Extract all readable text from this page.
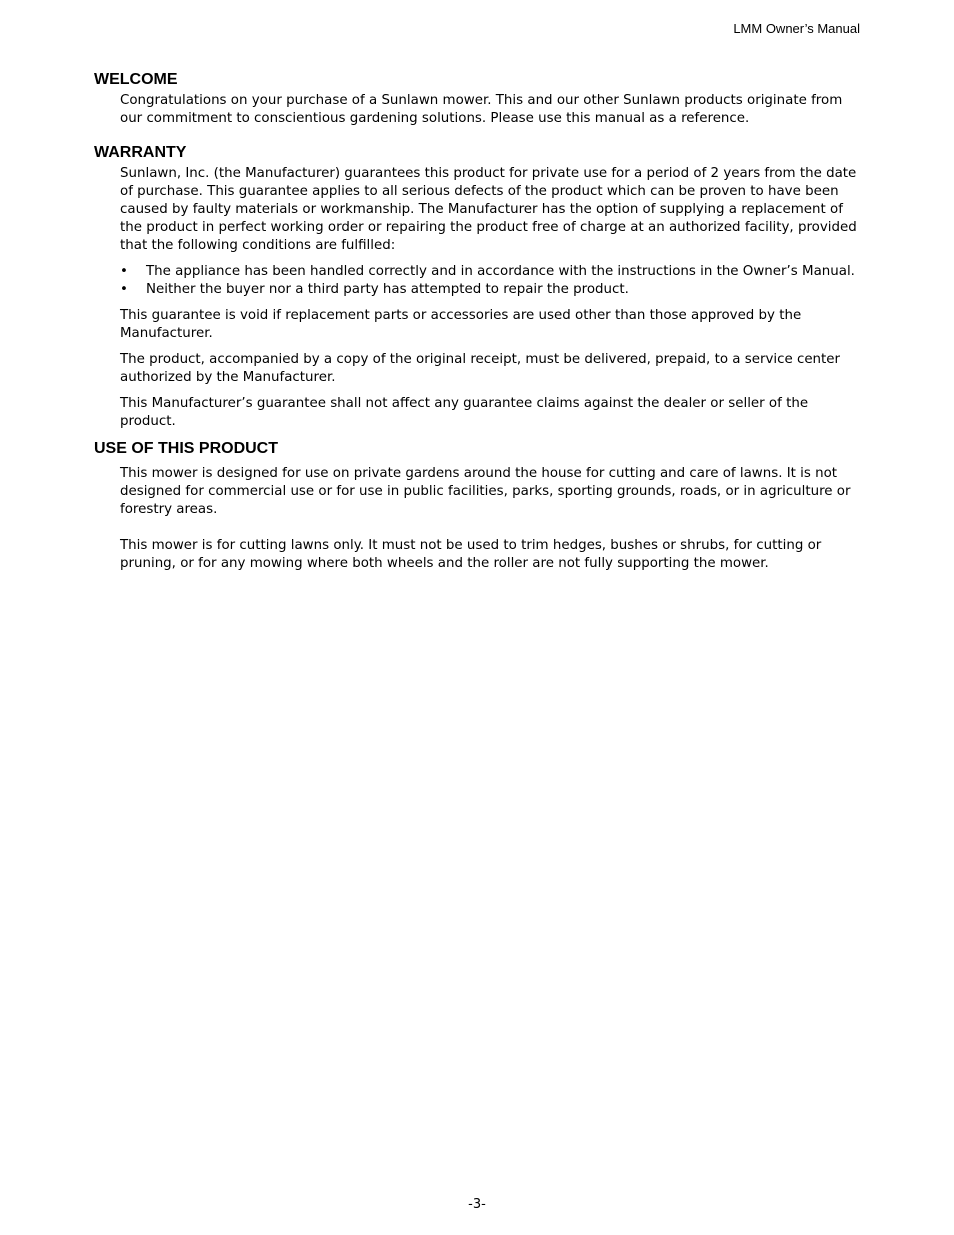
LMM Owner’s Manual
WELCOME

Congratulations on your purchase of a Sunlawn mower. This and our other Sunlawn products originate from our commitment to conscientious gardening solutions. Please use this manual as a reference.

WARRANTY

Sunlawn, Inc. (the Manufacturer) guarantees this product for private use for a period of 2 years from the date of purchase. This guarantee applies to all serious defects of the product which can be proven to have been caused by faulty materials or workmanship. The Manufacturer has the option of supplying a replacement of the product in perfect working order or repairing the product free of charge at an authorized facility, provided that the following conditions are fulfilled:

• The appliance has been handled correctly and in accordance with the instructions in the Owner’s Manual.
• Neither the buyer nor a third party has attempted to repair the product.

This guarantee is void if replacement parts or accessories are used other than those approved by the Manufacturer.

The product, accompanied by a copy of the original receipt, must be delivered, prepaid, to a service center authorized by the Manufacturer.

This Manufacturer’s guarantee shall not affect any guarantee claims against the dealer or seller of the product.

USE OF THIS PRODUCT

This mower is designed for use on private gardens around the house for cutting and care of lawns. It is not designed for commercial use or for use in public facilities, parks, sporting grounds, roads, or in agriculture or forestry areas.

This mower is for cutting lawns only. It must not be used to trim hedges, bushes or shrubs, for cutting or pruning, or for any mowing where both wheels and the roller are not fully supporting the mower.

-3-
